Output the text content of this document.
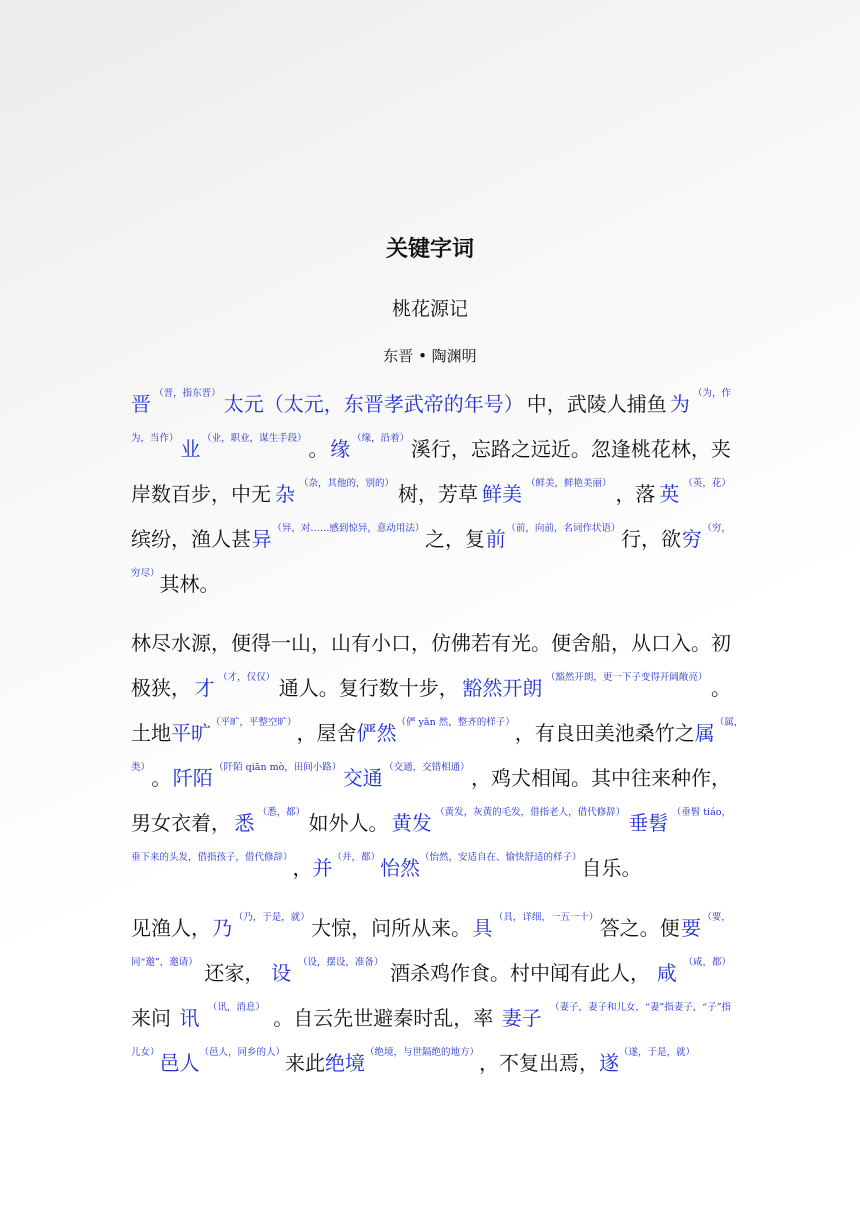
关键字词
桃花源记
东晋 • 陶渊明
晋 （晋，指东晋） 太元（太元，东晋孝武帝的年号） 中，武陵人捕鱼 为 （为，作
为，当作） 业 （业，职业，谋生手段） 。 缘 （缘，沿着） 溪行，忘路之远近。忽逢桃花林，夹
岸数百步，中无 杂 （杂，其他的，别的） 树，芳草 鲜美 （鲜美，鲜艳美丽） ，落 英 （英，花）
缤纷，渔人甚 异 （异，对……感到惊异，意动用法） 之，复 前 （前，向前，名词作状语） 行，欲 穷 （穷，
穷尽） 其林。
林尽水源，便得一山，山有小口，仿佛若有光。便舍船，从口入。初
极狭， 才 （才，仅仅） 通人。复行数十步， 豁然开朗 （豁然开朗，更一下子变得开阔敞亮） 。
土地 平旷 （平旷，平整空旷） ，屋舍 俨然 （俨 yǎn 然，整齐的样子） ，有良田美池桑竹之 属 （属，
类） 。 阡陌 （阡陌 qiān mò，田间小路） 交通 （交通，交错相通） ，鸡犬相闻。其中往来种作，
男女衣着， 悉 （悉，都） 如外人。 黄发 （黄发，灰黄的毛发，借指老人，借代修辞） 垂髫 （垂髫 tiáo，
垂下来的头发，借指孩子，借代修辞） ， 并 （并，都） 怡然 （怡然，安适自在、愉快舒适的样子） 自乐。
见渔人， 乃 （乃，于是，就） 大惊，问所从来。 具 （具，详细，一五一十） 答之。便 要 （要，
同“邀”，邀请） 还家， 设 （设，摆设，准备） 酒杀鸡作食。村中闻有此人， 咸 （咸，都）
来问 讯 （讯，消息） 。自云先世避秦时乱，率 妻子 （妻子，妻子和儿女，“妻”指妻子，“子”指
儿女） 邑人 （邑人，同乡的人） 来此 绝境 （绝境，与世隔绝的地方） ，不复出焉， 遂 （遂，于是，就）
